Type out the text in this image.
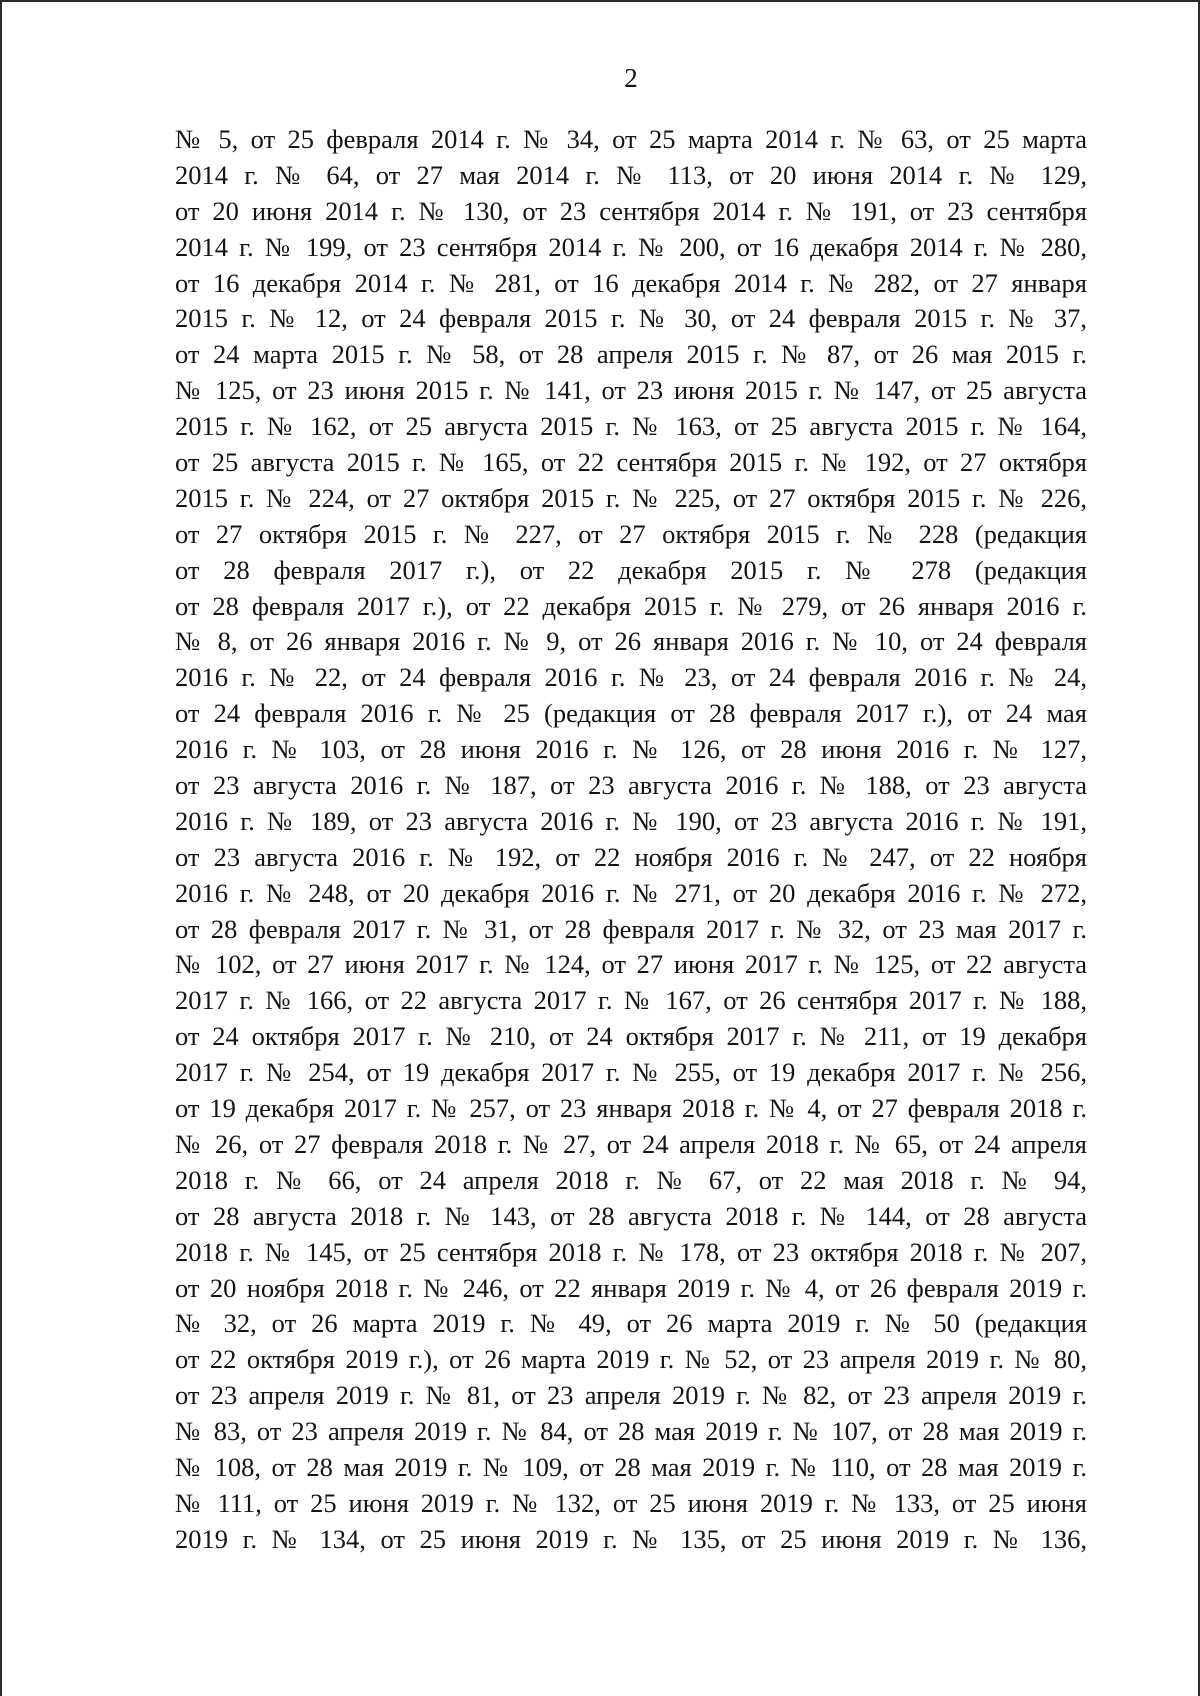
2
№ 5, от 25 февраля 2014 г. № 34, от 25 марта 2014 г. № 63, от 25 марта
2014 г. № 64, от 27 мая 2014 г. № 113, от 20 июня 2014 г. № 129,
от 20 июня 2014 г. № 130, от 23 сентября 2014 г. № 191, от 23 сентября
2014 г. № 199, от 23 сентября 2014 г. № 200, от 16 декабря 2014 г. № 280,
от 16 декабря 2014 г. № 281, от 16 декабря 2014 г. № 282, от 27 января
2015 г. № 12, от 24 февраля 2015 г. № 30, от 24 февраля 2015 г. № 37,
от 24 марта 2015 г. № 58, от 28 апреля 2015 г. № 87, от 26 мая 2015 г.
№ 125, от 23 июня 2015 г. № 141, от 23 июня 2015 г. № 147, от 25 августа
2015 г. № 162, от 25 августа 2015 г. № 163, от 25 августа 2015 г. № 164,
от 25 августа 2015 г. № 165, от 22 сентября 2015 г. № 192, от 27 октября
2015 г. № 224, от 27 октября 2015 г. № 225, от 27 октября 2015 г. № 226,
от 27 октября 2015 г. № 227, от 27 октября 2015 г. № 228 (редакция
от 28 февраля 2017 г.), от 22 декабря 2015 г. № 278 (редакция
от 28 февраля 2017 г.), от 22 декабря 2015 г. № 279, от 26 января 2016 г.
№ 8, от 26 января 2016 г. № 9, от 26 января 2016 г. № 10, от 24 февраля
2016 г. № 22, от 24 февраля 2016 г. № 23, от 24 февраля 2016 г. № 24,
от 24 февраля 2016 г. № 25 (редакция от 28 февраля 2017 г.), от 24 мая
2016 г. № 103, от 28 июня 2016 г. № 126, от 28 июня 2016 г. № 127,
от 23 августа 2016 г. № 187, от 23 августа 2016 г. № 188, от 23 августа
2016 г. № 189, от 23 августа 2016 г. № 190, от 23 августа 2016 г. № 191,
от 23 августа 2016 г. № 192, от 22 ноября 2016 г. № 247, от 22 ноября
2016 г. № 248, от 20 декабря 2016 г. № 271, от 20 декабря 2016 г. № 272,
от 28 февраля 2017 г. № 31, от 28 февраля 2017 г. № 32, от 23 мая 2017 г.
№ 102, от 27 июня 2017 г. № 124, от 27 июня 2017 г. № 125, от 22 августа
2017 г. № 166, от 22 августа 2017 г. № 167, от 26 сентября 2017 г. № 188,
от 24 октября 2017 г. № 210, от 24 октября 2017 г. № 211, от 19 декабря
2017 г. № 254, от 19 декабря 2017 г. № 255, от 19 декабря 2017 г. № 256,
от 19 декабря 2017 г. № 257, от 23 января 2018 г. № 4, от 27 февраля 2018 г.
№ 26, от 27 февраля 2018 г. № 27, от 24 апреля 2018 г. № 65, от 24 апреля
2018 г. № 66, от 24 апреля 2018 г. № 67, от 22 мая 2018 г. № 94,
от 28 августа 2018 г. № 143, от 28 августа 2018 г. № 144, от 28 августа
2018 г. № 145, от 25 сентября 2018 г. № 178, от 23 октября 2018 г. № 207,
от 20 ноября 2018 г. № 246, от 22 января 2019 г. № 4, от 26 февраля 2019 г.
№ 32, от 26 марта 2019 г. № 49, от 26 марта 2019 г. № 50 (редакция
от 22 октября 2019 г.), от 26 марта 2019 г. № 52, от 23 апреля 2019 г. № 80,
от 23 апреля 2019 г. № 81, от 23 апреля 2019 г. № 82, от 23 апреля 2019 г.
№ 83, от 23 апреля 2019 г. № 84, от 28 мая 2019 г. № 107, от 28 мая 2019 г.
№ 108, от 28 мая 2019 г. № 109, от 28 мая 2019 г. № 110, от 28 мая 2019 г.
№ 111, от 25 июня 2019 г. № 132, от 25 июня 2019 г. № 133, от 25 июня
2019 г. № 134, от 25 июня 2019 г. № 135, от 25 июня 2019 г. № 136,
